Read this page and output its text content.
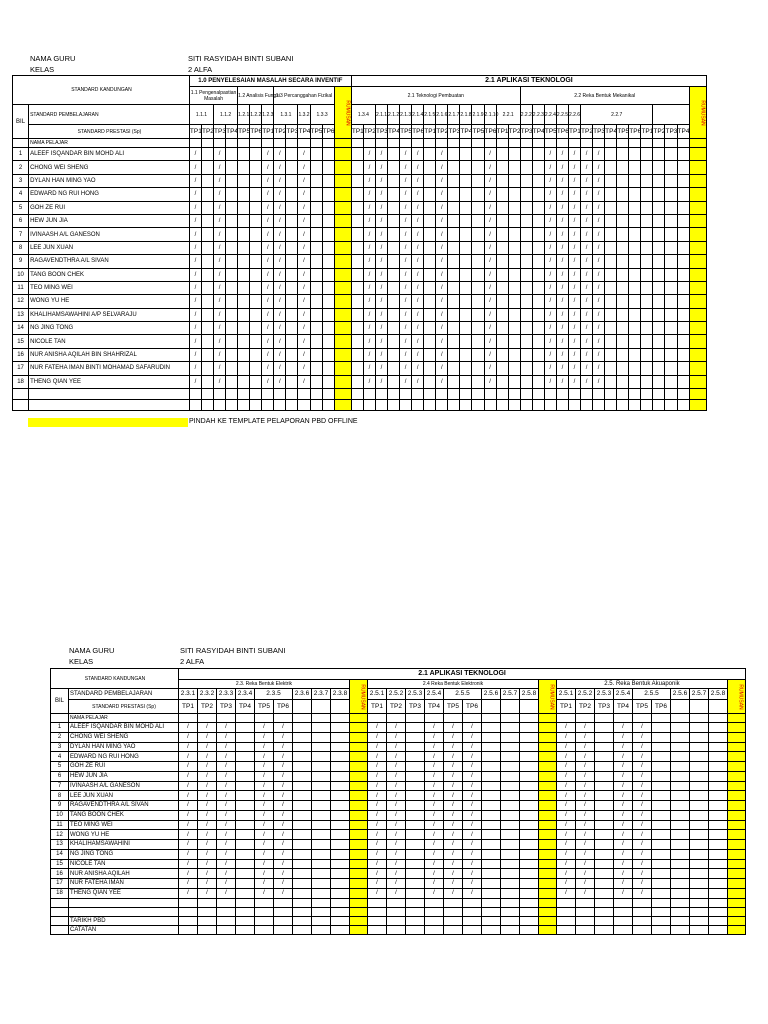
NAMA GURU	SITI RASYIDAH BINTI SUBANI
KELAS	2 ALFA
STANDARD KANDUNGAN		1.0 PENYELESAIAN MASALAH SECARA INVENTIF													2.1 APLIKASI TEKNOLOGI																												
		1.1 Pengenalpastian Masalah				1.2 Analisis Fungsi			1.3 Percanggahan Fizikal					RUMUSAN	2.1 Teknologi Pembuatan														2.2 Reka Bentuk Mekanikal														RUMUSAN
BIL	STANDARD PEMBELAJARAN	1.1.1		1.1.2		1.2.1	1.2.2	1.2.3	1.3.1		1.3.2	1.3.3			1.3.4		2.1.1	2.1.2	2.1.3	2.1.4	2.1.5	2.1.6	2.1.7	2.1.8	2.1.9	2.1.10	2.2.1		2.2.2	2.2.3	2.2.4	2.2.5	2.2.6	2.2.7									
	STANDARD PRESTASI (Sp)	TP1	TP2	TP3	TP4	TP5	TP6	TP1	TP2	TP3	TP4	TP5	TP6		TP1	TP2	TP3	TP4	TP5	TP6	TP1	TP2	TP3	TP4	TP5	TP6	TP1	TP2	TP3	TP4	TP5	TP6	TP1	TP2	TP3	TP4	TP5	TP6	TP1	TP2	TP3	TP4	
	NAMA PELAJAR																																										
1	ALEEF ISQANDAR BIN MOHD ALI	/		/				/	/		/					/	/		/	/		/				/					/	/	/	/	/								
2	CHONG WEI SHENG	/		/				/	/		/					/	/		/	/		/				/					/	/	/	/	/								
3	DYLAN HAN MING YAO	/		/				/	/		/					/	/		/	/		/				/					/	/	/	/	/								
4	EDWARD NG RUI HONG	/		/				/	/		/					/	/		/	/		/				/					/	/	/	/	/								
5	GOH ZE RUI	/		/				/	/		/					/	/		/	/		/				/					/	/	/	/	/								
6	HEW JUN JIA	/		/				/	/		/					/	/		/	/		/				/					/	/	/	/	/								
7	IVINAASH A/L GANESON	/		/				/	/		/					/	/		/	/		/				/					/	/	/	/	/								
8	LEE JUN XUAN	/		/				/	/		/					/	/		/	/		/				/					/	/	/	/	/								
9	RAGAVENDTHRA A/L SIVAN	/		/				/	/		/					/	/		/	/		/				/					/	/	/	/	/								
10	TANG BOON CHEK	/		/				/	/		/					/	/		/	/		/				/					/	/	/	/	/								
11	TEO MING WEI	/		/				/	/		/					/	/		/	/		/				/					/	/	/	/	/								
12	WONG YU HE	/		/				/	/		/					/	/		/	/		/				/					/	/	/	/	/								
13	KHALIHAMSAWAHINI A/P SELVARAJU	/		/				/	/		/					/	/		/	/		/				/					/	/	/	/	/								
14	NG JING TONG	/		/				/	/		/					/	/		/	/		/				/					/	/	/	/	/								
15	NICOLE TAN	/		/				/	/		/					/	/		/	/		/				/					/	/	/	/	/								
16	NUR ANISHA AQILAH BIN SHAHRIZAL	/		/				/	/		/					/	/		/	/		/				/					/	/	/	/	/								
17	NUR FATEHA IMAN BINTI MOHAMAD SAFARUDIN	/		/				/	/		/					/	/		/	/		/				/					/	/	/	/	/								
18	THENG QIAN YEE	/		/				/	/		/					/	/		/	/		/				/					/	/	/	/	/								

PINDAH KE TEMPLATE PELAPORAN PBD OFFLINE
NAMA GURU	SITI RASYIDAH BINTI SUBANI
KELAS	2 ALFA
STANDARD KANDUNGAN		2.1 APLIKASI TEKNOLOGI																													
		2.3. Reka Bentuk Elektrik									RUMUSAN	2.4 Reka Bentuk Elektronik									RUMUSAN	2.5. Reka Bentuk Akuaponik									RUMUSAN
BIL	STANDARD PEMBELAJARAN	2.3.1	2.3.2	2.3.3	2.3.4	2.3.5		2.3.6	2.3.7	2.3.8		2.5.1	2.5.2	2.5.3	2.5.4	2.5.5		2.5.6	2.5.7	2.5.8		2.5.1	2.5.2	2.5.3	2.5.4	2.5.5		2.5.6	2.5.7	2.5.8	
	STANDARD PRESTASI (Sp)	TP1	TP2	TP3	TP4	TP5	TP6					TP1	TP2	TP3	TP4	TP5	TP6					TP1	TP2	TP3	TP4	TP5	TP6				
	NAMA PELAJAR																														
1	ALEEF ISQANDAR BIN MOHD ALI	/	/	/		/	/					/	/		/	/	/					/	/		/	/					
2	CHONG WEI SHENG	/	/	/		/	/					/	/		/	/	/					/	/		/	/					
3	DYLAN HAN MING YAO	/	/	/		/	/					/	/		/	/	/					/	/		/	/					
4	EDWARD NG RUI HONG	/	/	/		/	/					/	/		/	/	/					/	/		/	/					
5	GOH ZE RUI	/	/	/		/	/					/	/		/	/	/					/	/		/	/					
6	HEW JUN JIA	/	/	/		/	/					/	/		/	/	/					/	/		/	/					
7	IVINAASH A/L GANESON	/	/	/		/	/					/	/		/	/	/					/	/		/	/					
8	LEE JUN XUAN	/	/	/		/	/					/	/		/	/	/					/	/		/	/					
9	RAGAVENDTHRA A/L SIVAN	/	/	/		/	/					/	/		/	/	/					/	/		/	/					
10	TANG BOON CHEK	/	/	/		/	/					/	/		/	/	/					/	/		/	/					
11	TEO MING WEI	/	/	/		/	/					/	/		/	/	/					/	/		/	/					
12	WONG YU HE	/	/	/		/	/					/	/		/	/	/					/	/		/	/					
13	KHALIHAMSAWAHINI	/	/	/		/	/					/	/		/	/	/					/	/		/	/					
14	NG JING TONG	/	/	/		/	/					/	/		/	/	/					/	/		/	/					
15	NICOLE TAN	/	/	/		/	/					/	/		/	/	/					/	/		/	/					
16	NUR ANISHA AQILAH	/	/	/		/	/					/	/		/	/	/					/	/		/	/					
17	NUR FATEHA IMAN	/	/	/		/	/					/	/		/	/	/					/	/		/	/					
18	THENG QIAN YEE	/	/	/		/	/					/	/		/	/	/					/	/		/	/					

	TARIKH PBD																														
	CATATAN																														
